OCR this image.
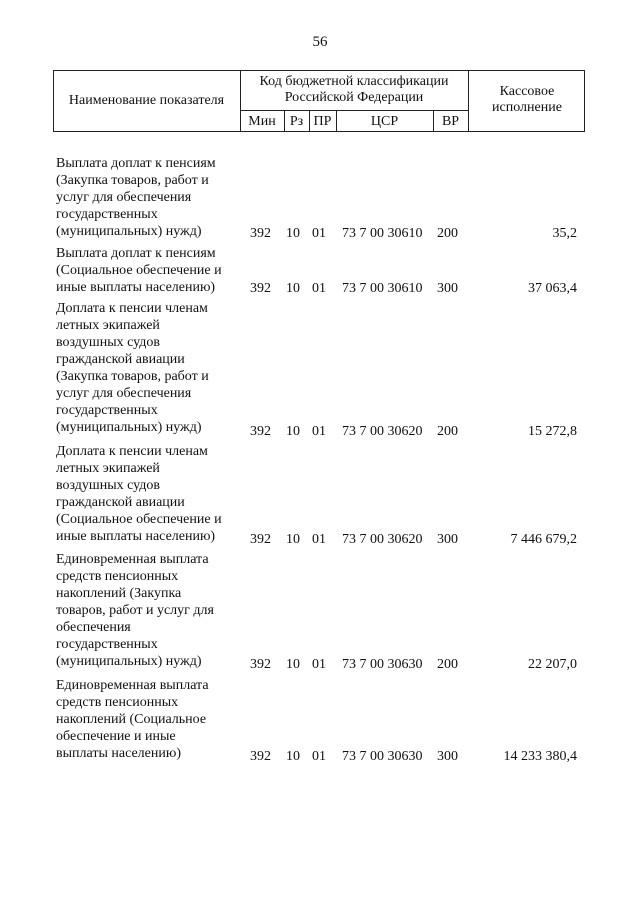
56
Наименование показателя
Код бюджетной классификации Российской Федерации
Мин	Рз ПР	ЦСР	ВР
Кассовое исполнение
Выплата доплат к пенсиям
(Закупка товаров, работ и
услуг для обеспечения
государственных
(муниципальных) нужд)	392 10 01 73 7 00 30610 200	35,2
Выплата доплат к пенсиям
(Социальное обеспечение и
иные выплаты населению)	392 10 01 73 7 00 30610 300	37 063,4
Доплата к пенсии членам
летных экипажей
воздушных судов
гражданской авиации
(Закупка товаров, работ и
услуг для обеспечения
государственных
(муниципальных) нужд)	392 10 01 73 7 00 30620 200	15 272,8
Доплата к пенсии членам
летных экипажей
воздушных судов
гражданской авиации
(Социальное обеспечение и
иные выплаты населению)	392 10 01 73 7 00 30620 300	7 446 679,2
Единовременная выплата
средств пенсионных
накоплений (Закупка
товаров, работ и услуг для
обеспечения
государственных
(муниципальных) нужд)	392 10 01 73 7 00 30630 200	22 207,0
Единовременная выплата
средств пенсионных
накоплений (Социальное
обеспечение и иные
выплаты населению)	392 10 01 73 7 00 30630 300	14 233 380,4
